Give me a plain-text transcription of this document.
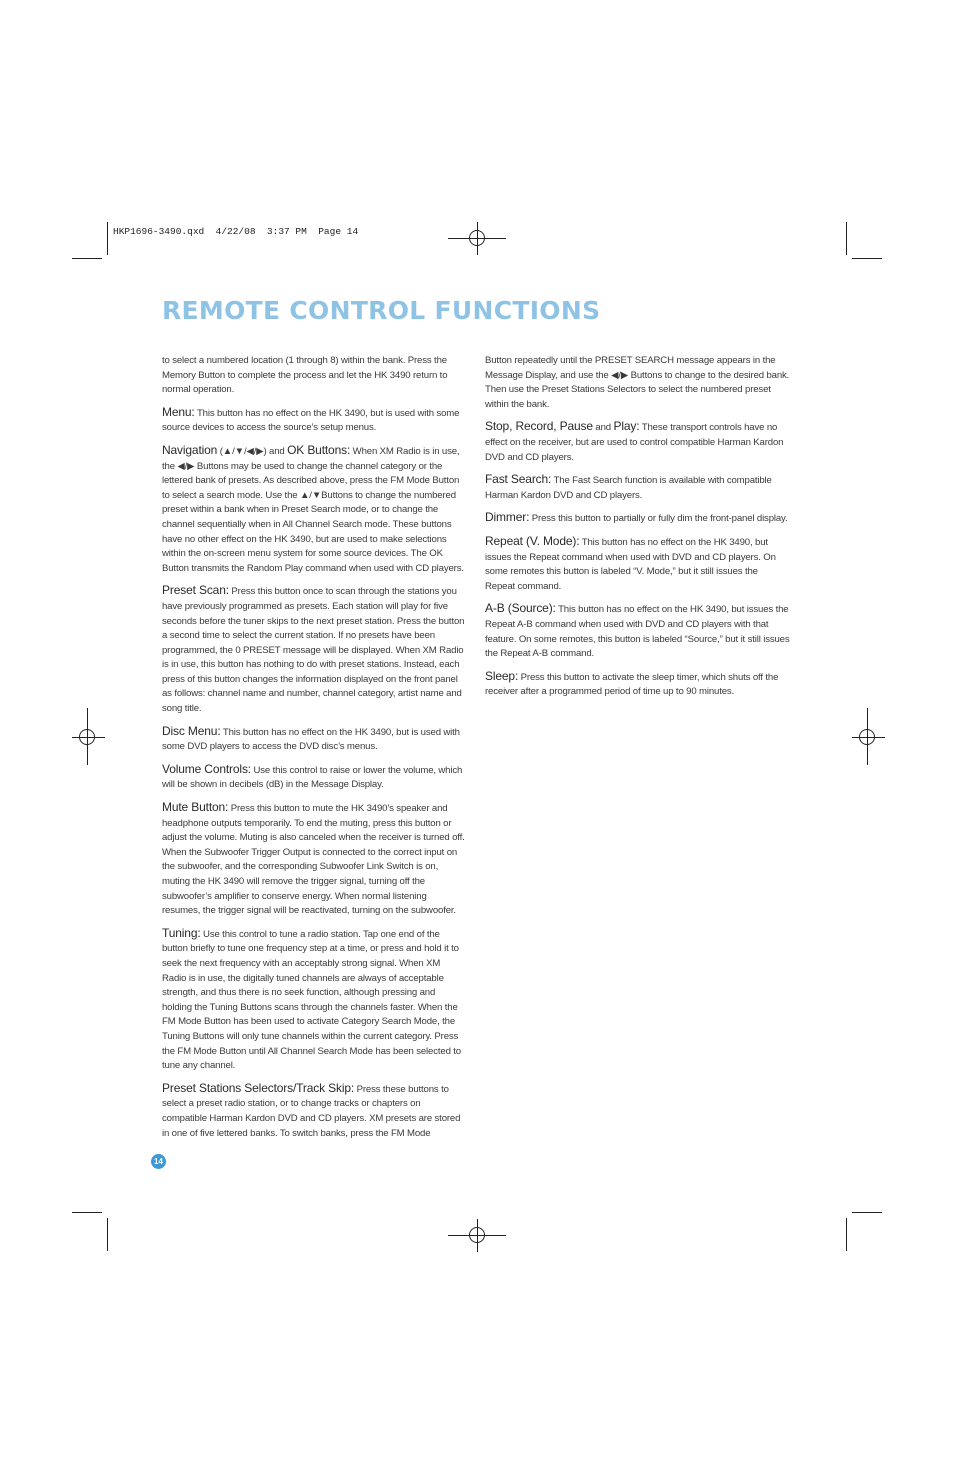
HKP1696-3490.qxd  4/22/08  3:37 PM  Page 14
REMOTE CONTROL FUNCTIONS

to select a numbered location (1 through 8) within the bank. Press the Memory Button to complete the process and let the HK 3490 return to normal operation.

Menu: This button has no effect on the HK 3490, but is used with some source devices to access the source’s setup menus.

Navigation (▲/▼/◀/▶) and OK Buttons: When XM Radio is in use, the ◀/▶ Buttons may be used to change the channel category or the lettered bank of presets. As described above, press the FM Mode Button to select a search mode. Use the ▲/▼Buttons to change the numbered preset within a bank when in Preset Search mode, or to change the channel sequentially when in All Channel Search mode. These buttons have no other effect on the HK 3490, but are used to make selections within the on-screen menu system for some source devices. The OK Button transmits the Random Play command when used with CD players.

Preset Scan: Press this button once to scan through the stations you have previously programmed as presets. Each station will play for five seconds before the tuner skips to the next preset station. Press the button a second time to select the current station. If no presets have been programmed, the 0 PRESET message will be displayed. When XM Radio is in use, this button has nothing to do with preset stations. Instead, each press of this button changes the information displayed on the front panel as follows: channel name and number, channel category, artist name and song title.

Disc Menu: This button has no effect on the HK 3490, but is used with some DVD players to access the DVD disc’s menus.

Volume Controls: Use this control to raise or lower the volume, which will be shown in decibels (dB) in the Message Display.

Mute Button: Press this button to mute the HK 3490’s speaker and headphone outputs temporarily. To end the muting, press this button or adjust the volume. Muting is also canceled when the receiver is turned off. When the Subwoofer Trigger Output is connected to the correct input on the subwoofer, and the corresponding Subwoofer Link Switch is on, muting the HK 3490 will remove the trigger signal, turning off the subwoofer’s amplifier to conserve energy. When normal listening resumes, the trigger signal will be reactivated, turning on the subwoofer.

Tuning: Use this control to tune a radio station. Tap one end of the button briefly to tune one frequency step at a time, or press and hold it to seek the next frequency with an acceptably strong signal. When XM Radio is in use, the digitally tuned channels are always of acceptable strength, and thus there is no seek function, although pressing and holding the Tuning Buttons scans through the channels faster. When the FM Mode Button has been used to activate Category Search Mode, the Tuning Buttons will only tune channels within the current category. Press the FM Mode Button until All Channel Search Mode has been selected to tune any channel.

Preset Stations Selectors/Track Skip: Press these buttons to select a preset radio station, or to change tracks or chapters on compatible Harman Kardon DVD and CD players. XM presets are stored in one of five lettered banks. To switch banks, press the FM Mode

Button repeatedly until the PRESET SEARCH message appears in the Message Display, and use the ◀/▶ Buttons to change to the desired bank. Then use the Preset Stations Selectors to select the numbered preset within the bank.

Stop, Record, Pause and Play: These transport controls have no effect on the receiver, but are used to control compatible Harman Kardon DVD and CD players.

Fast Search: The Fast Search function is available with compatible Harman Kardon DVD and CD players.

Dimmer: Press this button to partially or fully dim the front-panel display.

Repeat (V. Mode): This button has no effect on the HK 3490, but issues the Repeat command when used with DVD and CD players. On some remotes this button is labeled “V. Mode,” but it still issues the Repeat command.

A-B (Source): This button has no effect on the HK 3490, but issues the Repeat A-B command when used with DVD and CD players with that feature. On some remotes, this button is labeled “Source,” but it still issues the Repeat A-B command.

Sleep: Press this button to activate the sleep timer, which shuts off the receiver after a programmed period of time up to 90 minutes.

14
